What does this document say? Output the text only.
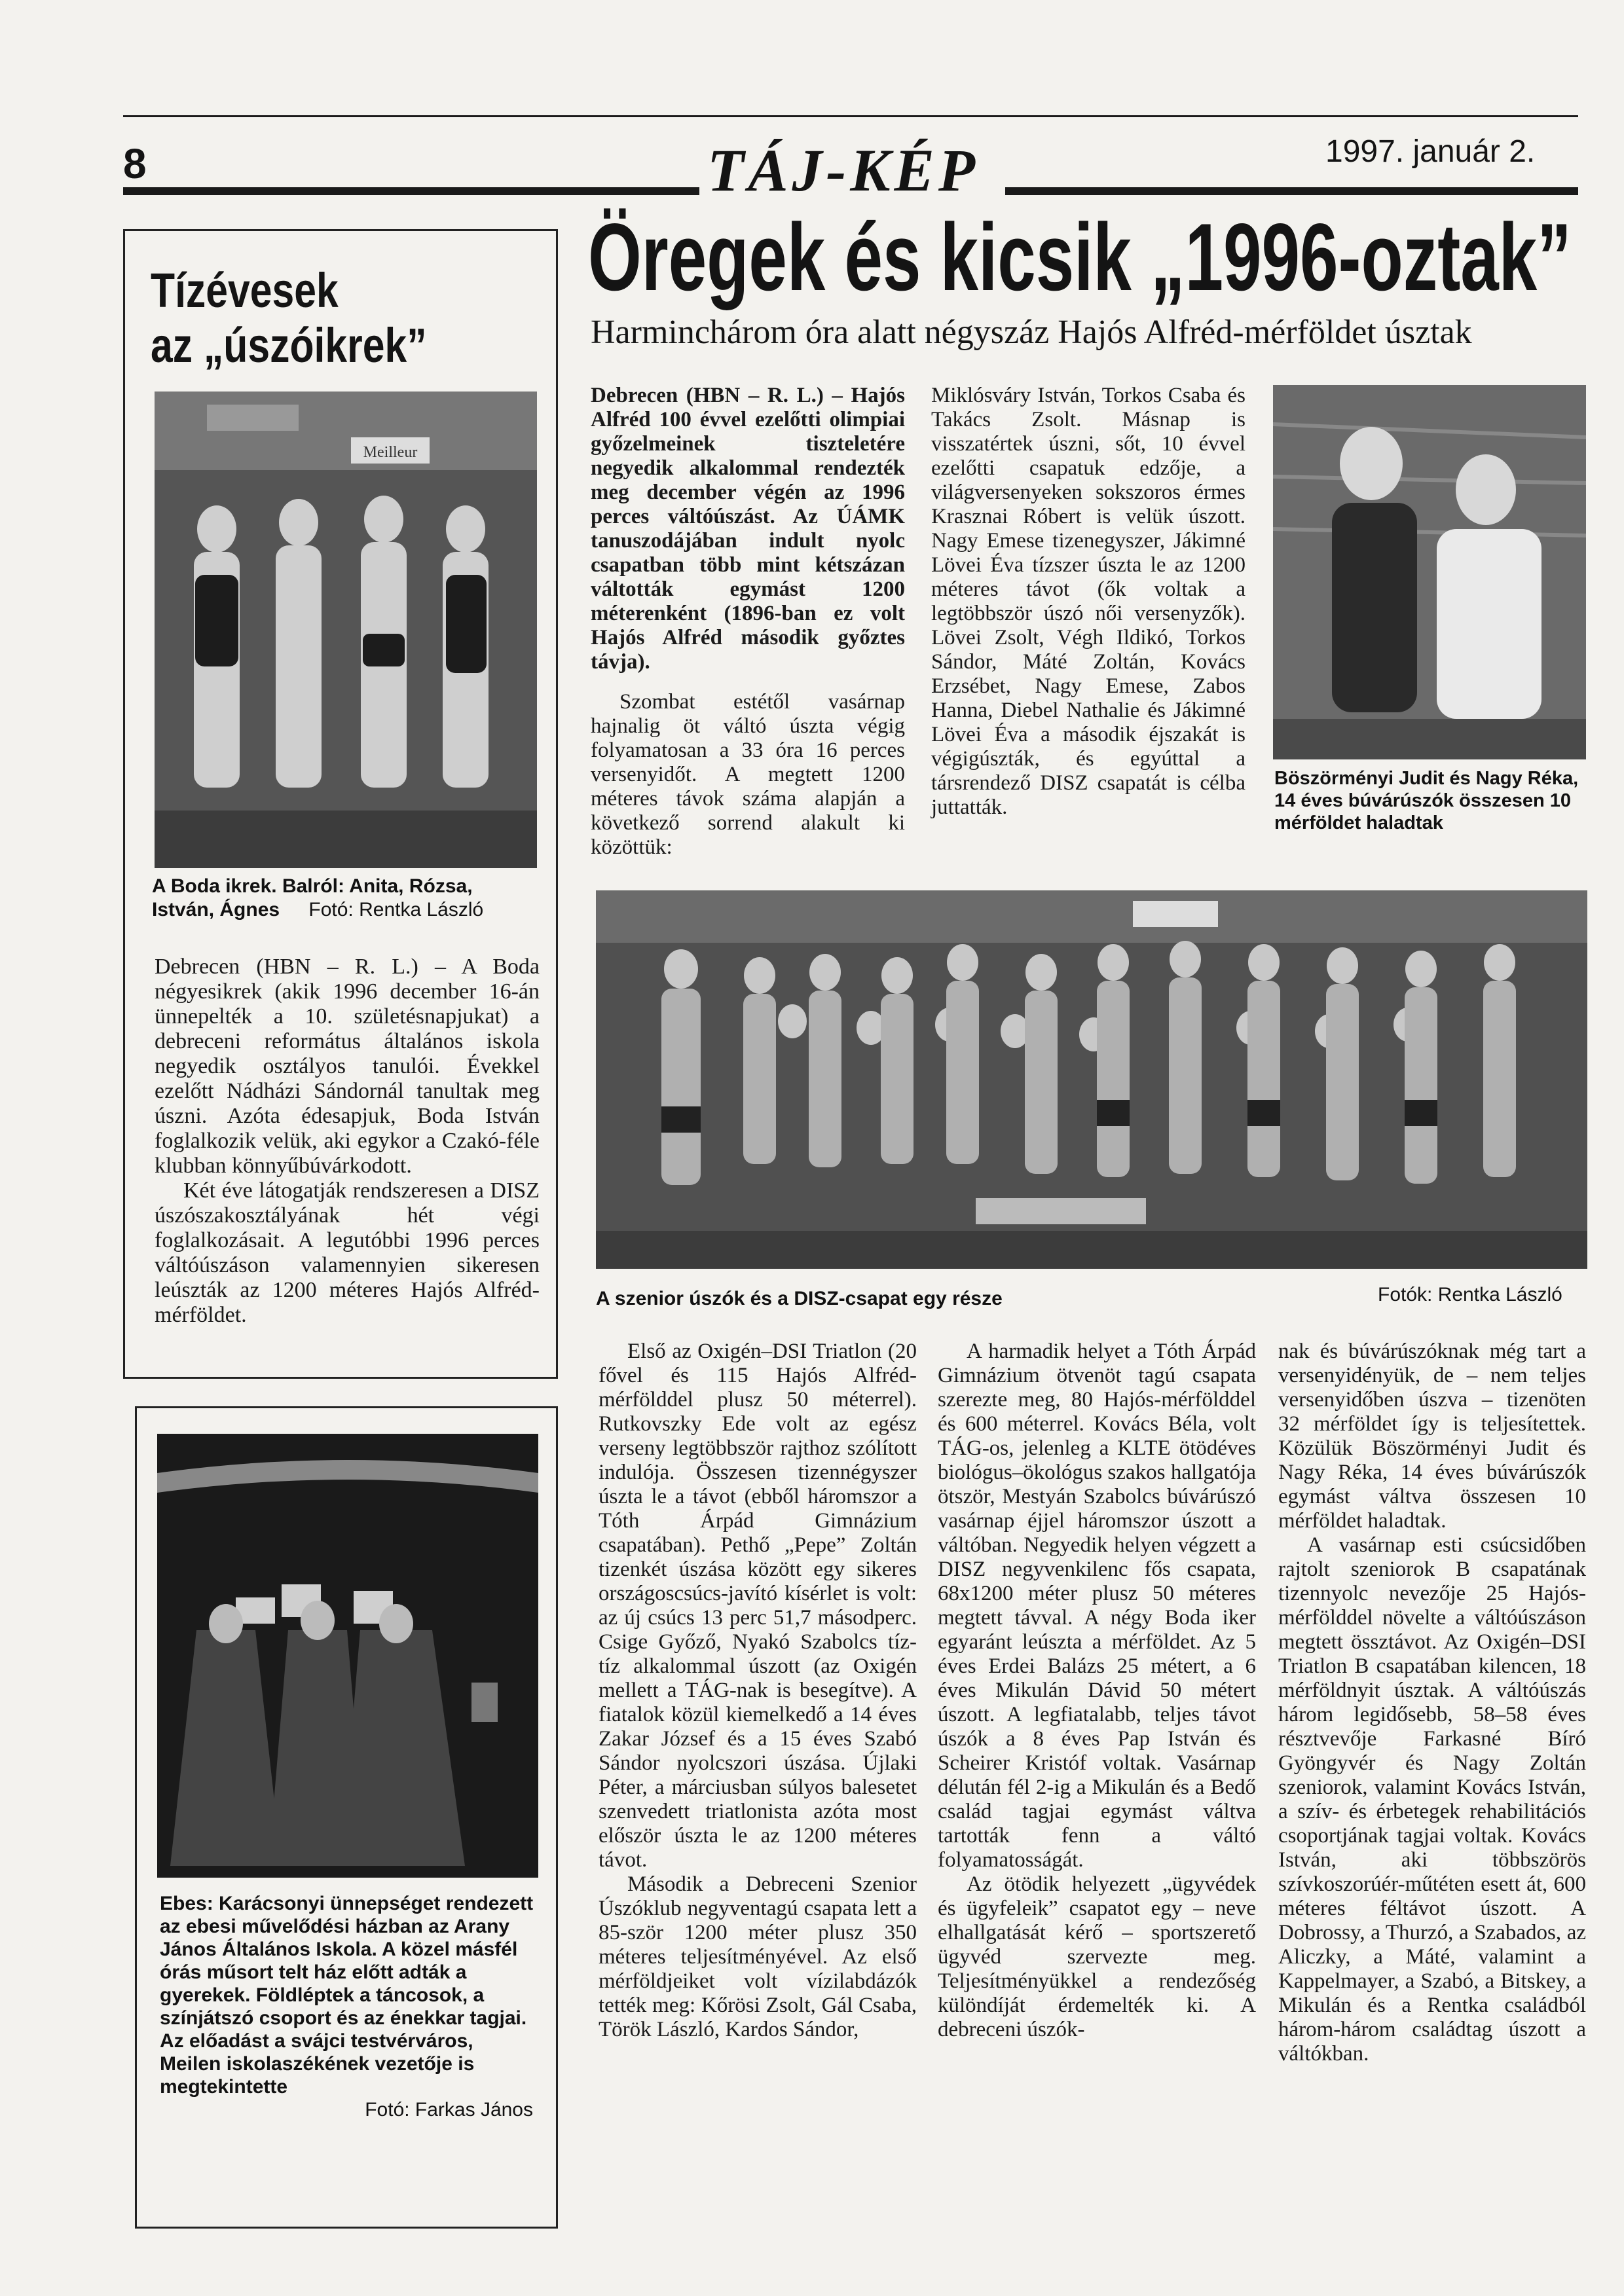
8	TÁJ-KÉP	1997. január 2.
Tízévesek
az „úszóikrek”
Meilleur
A Boda ikrek. Balról: Anita, Rózsa,
István, Ágnes Fotó: Rentka László

Debrecen (HBN – R. L.) – A Boda négyesikrek (akik 1996 december 16-án ünnepelték a 10. születésnapjukat) a debreceni református általános iskola negyedik osztályos tanulói. Évekkel ezelőtt Nádházi Sándornál tanultak meg úszni. Azóta édesapjuk, Boda István foglalkozik velük, aki egykor a Czakó-féle klubban könnyűbúvárkodott.

Két éve látogatják rendszeresen a DISZ úszószakosztályának hét végi foglalkozásait. A legutóbbi 1996 perces váltóúszáson valamennyien sikeresen leúszták az 1200 méteres Hajós Alfréd-mérföldet.

Ebes: Karácsonyi ünnepséget rendezett az ebesi művelődési házban az Arany János Általános Iskola. A közel másfél órás műsort telt ház előtt adták a gyerekek. Földléptek a táncosok, a színjátszó csoport és az énekkar tagjai. Az előadást a svájci testvérváros, Meilen iskolaszékének vezetője is megtekintette
Fotó: Farkas János
Öregek és kicsik „1996-oztak”
Harminchárom óra alatt négyszáz Hajós Alfréd-mérföldet úsztak

Debrecen (HBN – R. L.) – Hajós Alfréd 100 évvel ezelőtti olimpiai győzelmeinek tiszteletére negyedik alkalommal rendezték meg december végén az 1996 perces váltóúszást. Az ÚÁMK tanuszodájában indult nyolc csapatban több mint kétszázan váltották egymást 1200 méterenként (1896-ban ez volt Hajós Alfréd második győztes távja).

Szombat estétől vasárnap hajnalig öt váltó úszta végig folyamatosan a 33 óra 16 perces versenyidőt. A megtett 1200 méteres távok száma alapján a következő sorrend alakult ki közöttük:

Miklósváry István, Torkos Csaba és Takács Zsolt. Másnap is visszatértek úszni, sőt, 10 évvel ezelőtti csapatuk edzője, a világversenyeken sokszoros érmes Krasznai Róbert is velük úszott. Nagy Emese tizenegyszer, Jákimné Lövei Éva tízszer úszta le az 1200 méteres távot (ők voltak a legtöbbször úszó női versenyzők). Lövei Zsolt, Végh Ildikó, Torkos Sándor, Máté Zoltán, Kovács Erzsébet, Nagy Emese, Zabos Hanna, Diebel Nathalie és Jákimné Lövei Éva a második éjszakát is végigúszták, és egyúttal a társrendező DISZ csapatát is célba juttatták.

Böszörményi Judit és Nagy Réka, 14 éves búvárúszók összesen 10 mérföldet haladtak
A szenior úszók és a DISZ-csapat egy része	Fotók: Rentka László

Első az Oxigén–DSI Triatlon (20 fővel és 115 Hajós Alfréd-mérfölddel plusz 50 méterrel). Rutkovszky Ede volt az egész verseny legtöbbször rajthoz szólított indulója. Összesen tizennégyszer úszta le a távot (ebből háromszor a Tóth Árpád Gimnázium csapatában). Pethő „Pepe” Zoltán tizenkét úszása között egy sikeres országoscsúcs-javító kísérlet is volt: az új csúcs 13 perc 51,7 másodperc. Csige Győző, Nyakó Szabolcs tíz-tíz alkalommal úszott (az Oxigén mellett a TÁG-nak is besegítve). A fiatalok közül kiemelkedő a 14 éves Zakar József és a 15 éves Szabó Sándor nyolcszori úszása. Újlaki Péter, a márciusban súlyos balesetet szenvedett triatlonista azóta most először úszta le az 1200 méteres távot.

Második a Debreceni Szenior Úszóklub negyventagú csapata lett a 85-ször 1200 méter plusz 350 méteres teljesítményével. Az első mérföldjeiket volt vízilabdázók tették meg: Kőrösi Zsolt, Gál Csaba, Török László, Kardos Sándor,

A harmadik helyet a Tóth Árpád Gimnázium ötvenöt tagú csapata szerezte meg, 80 Hajós-mérfölddel és 600 méterrel. Kovács Béla, volt TÁG-os, jelenleg a KLTE ötödéves biológus–ökológus szakos hallgatója ötször, Mestyán Szabolcs búvárúszó vasárnap éjjel háromszor úszott a váltóban. Negyedik helyen végzett a DISZ negyvenkilenc fős csapata, 68x1200 méter plusz 50 méteres megtett távval. A négy Boda iker egyaránt leúszta a mérföldet. Az 5 éves Erdei Balázs 25 métert, a 6 éves Mikulán Dávid 50 métert úszott. A legfiatalabb, teljes távot úszók a 8 éves Pap István és Scheirer Kristóf voltak. Vasárnap délután fél 2-ig a Mikulán és a Bedő család tagjai egymást váltva tartották fenn a váltó folyamatosságát.

Az ötödik helyezett „ügyvédek és ügyfeleik” csapatot egy – neve elhallgatását kérő – sportszerető ügyvéd szervezte meg. Teljesítményükkel a rendezőség különdíját érdemelték ki. A debreceni úszók-

nak és búvárúszóknak még tart a versenyidényük, de – nem teljes versenyidőben úszva – tizenöten 32 mérföldet így is teljesítettek. Közülük Böszörményi Judit és Nagy Réka, 14 éves búvárúszók egymást váltva összesen 10 mérföldet haladtak.

A vasárnap esti csúcsidőben rajtolt szeniorok B csapatának tizennyolc nevezője 25 Hajós-mérfölddel növelte a váltóúszáson megtett össztávot. Az Oxigén–DSI Triatlon B csapatában kilencen, 18 mérföldnyit úsztak. A váltóúszás három legidősebb, 58–58 éves résztvevője Farkasné Bíró Gyöngyvér és Nagy Zoltán szeniorok, valamint Kovács István, a szív- és érbetegek rehabilitációs csoportjának tagjai voltak. Kovács István, aki többszörös szívkoszorúér-műtéten esett át, 600 méteres féltávot úszott. A Dobrossy, a Thurzó, a Szabados, az Aliczky, a Máté, valamint a Kappelmayer, a Szabó, a Bitskey, a Mikulán és a Rentka családból három-három családtag úszott a váltókban.
